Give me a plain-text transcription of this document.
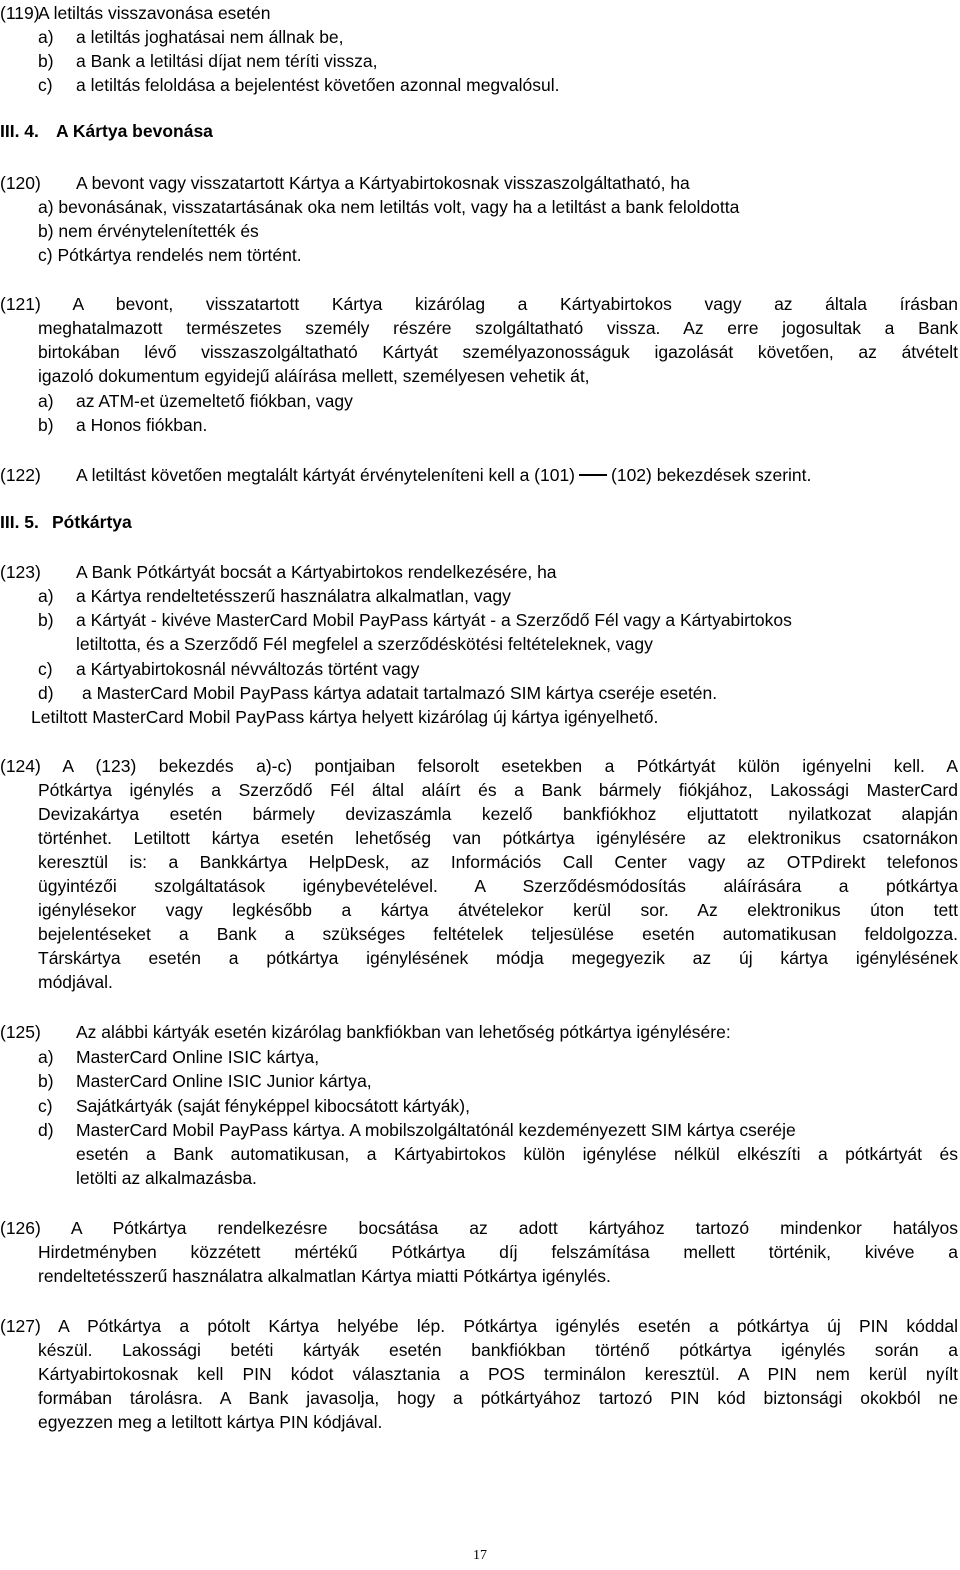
(119)
A letiltás visszavonása esetén
a) a letiltás joghatásai nem állnak be,
b) a Bank a letiltási díjat nem téríti vissza,
c) a letiltás feloldása a bejelentést követően azonnal megvalósul.
III. 4. A Kártya bevonása
(120) A bevont vagy visszatartott Kártya a Kártyabirtokosnak visszaszolgáltatható, ha
a) bevonásának, visszatartásának oka nem letiltás volt, vagy ha a letiltást a bank feloldotta
b) nem érvénytelenítették és
c) Pótkártya rendelés nem történt.
(121) A bevont, visszatartott Kártya kizárólag a Kártyabirtokos vagy az általa írásban
meghatalmazott természetes személy részére szolgáltatható vissza. Az erre jogosultak a Bank
birtokában lévő visszaszolgáltatható Kártyát személyazonosságuk igazolását követően, az átvételt
igazoló dokumentum egyidejű aláírása mellett, személyesen vehetik át,
a) az ATM-et üzemeltető fiókban, vagy
b) a Honos fiókban.
(122) A letiltást követően megtalált kártyát érvényteleníteni kell a (101) (102) bekezdések szerint.
III. 5. Pótkártya
(123) A Bank Pótkártyát bocsát a Kártyabirtokos rendelkezésére, ha
a) a Kártya rendeltetésszerű használatra alkalmatlan, vagy
b) a Kártyát - kivéve MasterCard Mobil PayPass kártyát - a Szerződő Fél vagy a Kártyabirtokos
letiltotta, és a Szerződő Fél megfelel a szerződéskötési feltételeknek, vagy
c) a Kártyabirtokosnál névváltozás történt vagy
d) a MasterCard Mobil PayPass kártya adatait tartalmazó SIM kártya cseréje esetén.
Letiltott MasterCard Mobil PayPass kártya helyett kizárólag új kártya igényelhető.
(124) A (123) bekezdés a)-c) pontjaiban felsorolt esetekben a Pótkártyát külön igényelni kell. A
Pótkártya igénylés a Szerződő Fél által aláírt és a Bank bármely fiókjához, Lakossági MasterCard
Devizakártya esetén bármely devizaszámla kezelő bankfiókhoz eljuttatott nyilatkozat alapján
történhet. Letiltott kártya esetén lehetőség van pótkártya igénylésére az elektronikus csatornákon
keresztül is: a Bankkártya HelpDesk, az Információs Call Center vagy az OTPdirekt telefonos
ügyintézői szolgáltatások igénybevételével. A Szerződésmódosítás aláírására a pótkártya
igénylésekor vagy legkésőbb a kártya átvételekor kerül sor. Az elektronikus úton tett
bejelentéseket a Bank a szükséges feltételek teljesülése esetén automatikusan feldolgozza.
Társkártya esetén a pótkártya igénylésének módja megegyezik az új kártya igénylésének
módjával.
(125) Az alábbi kártyák esetén kizárólag bankfiókban van lehetőség pótkártya igénylésére:
a) MasterCard Online ISIC kártya,
b) MasterCard Online ISIC Junior kártya,
c) Sajátkártyák (saját fényképpel kibocsátott kártyák),
d) MasterCard Mobil PayPass kártya. A mobilszolgáltatónál kezdeményezett SIM kártya cseréje
esetén a Bank automatikusan, a Kártyabirtokos külön igénylése nélkül elkészíti a pótkártyát és
letölti az alkalmazásba.
(126) A Pótkártya rendelkezésre bocsátása az adott kártyához tartozó mindenkor hatályos
Hirdetményben közzétett mértékű Pótkártya díj felszámítása mellett történik, kivéve a
rendeltetésszerű használatra alkalmatlan Kártya miatti Pótkártya igénylés.
(127) A Pótkártya a pótolt Kártya helyébe lép. Pótkártya igénylés esetén a pótkártya új PIN kóddal
készül. Lakossági betéti kártyák esetén bankfiókban történő pótkártya igénylés során a
Kártyabirtokosnak kell PIN kódot választania a POS terminálon keresztül. A PIN nem kerül nyílt
formában tárolásra. A Bank javasolja, hogy a pótkártyához tartozó PIN kód biztonsági okokból ne
egyezzen meg a letiltott kártya PIN kódjával.
17
